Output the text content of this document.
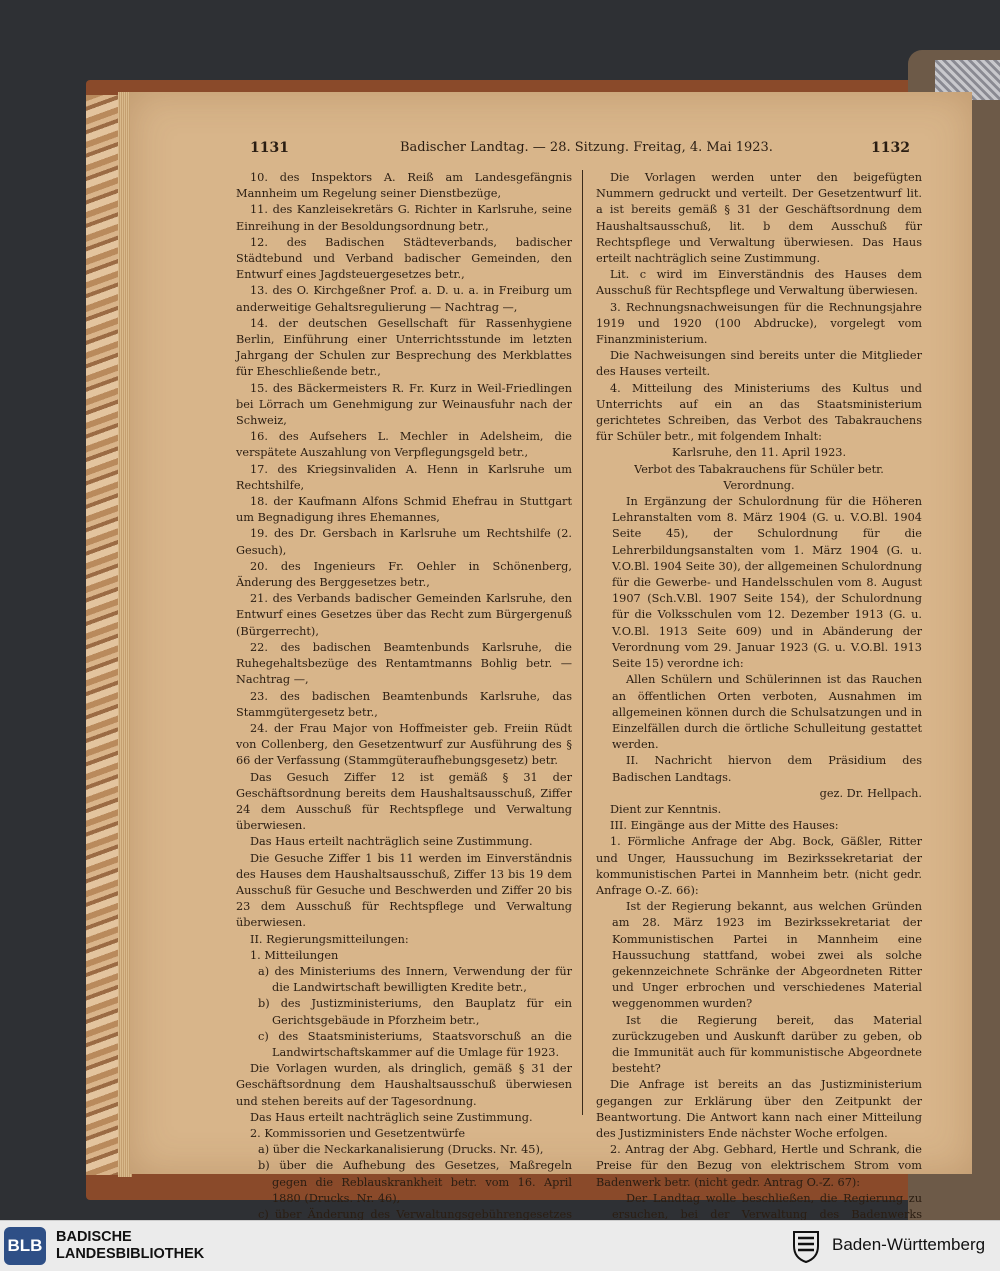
1131	Badischer Landtag. — 28. Sitzung. Freitag, 4. Mai 1923.	1132

10. des Inspektors A. Reiß am Landesgefängnis Mannheim um Regelung seiner Dienstbezüge,

11. des Kanzleisekretärs G. Richter in Karlsruhe, seine Einreihung in der Besoldungsordnung betr.,

12. des Badischen Städteverbands, badischer Städtebund und Verband badischer Gemeinden, den Entwurf eines Jagdsteuergesetzes betr.,

13. des O. Kirchgeßner Prof. a. D. u. a. in Freiburg um anderweitige Gehaltsregulierung — Nachtrag —,

14. der deutschen Gesellschaft für Rassenhygiene Berlin, Einführung einer Unterrichtsstunde im letzten Jahrgang der Schulen zur Besprechung des Merkblattes für Eheschließende betr.,

15. des Bäckermeisters R. Fr. Kurz in Weil-Friedlingen bei Lörrach um Genehmigung zur Weinausfuhr nach der Schweiz,

16. des Aufsehers L. Mechler in Adelsheim, die verspätete Auszahlung von Verpflegungsgeld betr.,

17. des Kriegsinvaliden A. Henn in Karlsruhe um Rechtshilfe,

18. der Kaufmann Alfons Schmid Ehefrau in Stuttgart um Begnadigung ihres Ehemannes,

19. des Dr. Gersbach in Karlsruhe um Rechtshilfe (2. Gesuch),

20. des Ingenieurs Fr. Oehler in Schönenberg, Änderung des Berggesetzes betr.,

21. des Verbands badischer Gemeinden Karlsruhe, den Entwurf eines Gesetzes über das Recht zum Bürgergenuß (Bürgerrecht),

22. des badischen Beamtenbunds Karlsruhe, die Ruhegehaltsbezüge des Rentamtmanns Bohlig betr. — Nachtrag —,

23. des badischen Beamtenbunds Karlsruhe, das Stammgütergesetz betr.,

24. der Frau Major von Hoffmeister geb. Freiin Rüdt von Collenberg, den Gesetzentwurf zur Ausführung des § 66 der Verfassung (Stammgüteraufhebungsgesetz) betr.

Das Gesuch Ziffer 12 ist gemäß § 31 der Geschäftsordnung bereits dem Haushaltsausschuß, Ziffer 24 dem Ausschuß für Rechtspflege und Verwaltung überwiesen.

Das Haus erteilt nachträglich seine Zustimmung.

Die Gesuche Ziffer 1 bis 11 werden im Einverständnis des Hauses dem Haushaltsausschuß, Ziffer 13 bis 19 dem Ausschuß für Gesuche und Beschwerden und Ziffer 20 bis 23 dem Ausschuß für Rechtspflege und Verwaltung überwiesen.

II. Regierungsmitteilungen:

1. Mitteilungen

a) des Ministeriums des Innern, Verwendung der für die Landwirtschaft bewilligten Kredite betr.,

b) des Justizministeriums, den Bauplatz für ein Gerichtsgebäude in Pforzheim betr.,

c) des Staatsministeriums, Staatsvorschuß an die Landwirtschaftskammer auf die Umlage für 1923.

Die Vorlagen wurden, als dringlich, gemäß § 31 der Geschäftsordnung dem Haushaltsausschuß überwiesen und stehen bereits auf der Tagesordnung.

Das Haus erteilt nachträglich seine Zustimmung.

2. Kommissorien und Gesetzentwürfe

a) über die Neckarkanalisierung (Drucks. Nr. 45),

b) über die Aufhebung des Gesetzes, Maßregeln gegen die Reblauskrankheit betr. vom 16. April 1880 (Drucks. Nr. 46),

c) über Änderung des Verwaltungsgebührengesetzes

Die Vorlagen werden unter den beigefügten Nummern gedruckt und verteilt. Der Gesetzentwurf lit. a ist bereits gemäß § 31 der Geschäftsordnung dem Haushaltsausschuß, lit. b dem Ausschuß für Rechtspflege und Verwaltung überwiesen. Das Haus erteilt nachträglich seine Zustimmung.

Lit. c wird im Einverständnis des Hauses dem Ausschuß für Rechtspflege und Verwaltung überwiesen.

3. Rechnungsnachweisungen für die Rechnungsjahre 1919 und 1920 (100 Abdrucke), vorgelegt vom Finanzministerium.

Die Nachweisungen sind bereits unter die Mitglieder des Hauses verteilt.

4. Mitteilung des Ministeriums des Kultus und Unterrichts auf ein an das Staatsministerium gerichtetes Schreiben, das Verbot des Tabakrauchens für Schüler betr., mit folgendem Inhalt:

Karlsruhe, den 11. April 1923.

Verbot des Tabakrauchens für Schüler betr.

Verordnung.

In Ergänzung der Schulordnung für die Höheren Lehranstalten vom 8. März 1904 (G. u. V.O.Bl. 1904 Seite 45), der Schulordnung für die Lehrerbildungsanstalten vom 1. März 1904 (G. u. V.O.Bl. 1904 Seite 30), der allgemeinen Schulordnung für die Gewerbe- und Handelsschulen vom 8. August 1907 (Sch.V.Bl. 1907 Seite 154), der Schulordnung für die Volksschulen vom 12. Dezember 1913 (G. u. V.O.Bl. 1913 Seite 609) und in Abänderung der Verordnung vom 29. Januar 1923 (G. u. V.O.Bl. 1913 Seite 15) verordne ich:

Allen Schülern und Schülerinnen ist das Rauchen an öffentlichen Orten verboten, Ausnahmen im allgemeinen können durch die Schulsatzungen und in Einzelfällen durch die örtliche Schulleitung gestattet werden.

II. Nachricht hiervon dem Präsidium des Badischen Landtags.

gez. Dr. Hellpach.

Dient zur Kenntnis.

III. Eingänge aus der Mitte des Hauses:

1. Förmliche Anfrage der Abg. Bock, Gäßler, Ritter und Unger, Haussuchung im Bezirkssekretariat der kommunistischen Partei in Mannheim betr. (nicht gedr. Anfrage O.-Z. 66):

Ist der Regierung bekannt, aus welchen Gründen am 28. März 1923 im Bezirkssekretariat der Kommunistischen Partei in Mannheim eine Haussuchung stattfand, wobei zwei als solche gekennzeichnete Schränke der Abgeordneten Ritter und Unger erbrochen und verschiedenes Material weggenommen wurden?

Ist die Regierung bereit, das Material zurückzugeben und Auskunft darüber zu geben, ob die Immunität auch für kommunistische Abgeordnete besteht?

Die Anfrage ist bereits an das Justizministerium gegangen zur Erklärung über den Zeitpunkt der Beantwortung. Die Antwort kann nach einer Mitteilung des Justizministers Ende nächster Woche erfolgen.

2. Antrag der Abg. Gebhard, Hertle und Schrank, die Preise für den Bezug von elektrischem Strom vom Badenwerk betr. (nicht gedr. Antrag O.-Z. 67):

Der Landtag wolle beschließen, die Regierung zu ersuchen, bei der Verwaltung des Badenwerks

BLB BADISCHE
LANDESBIBLIOTHEK	Baden-Württemberg
